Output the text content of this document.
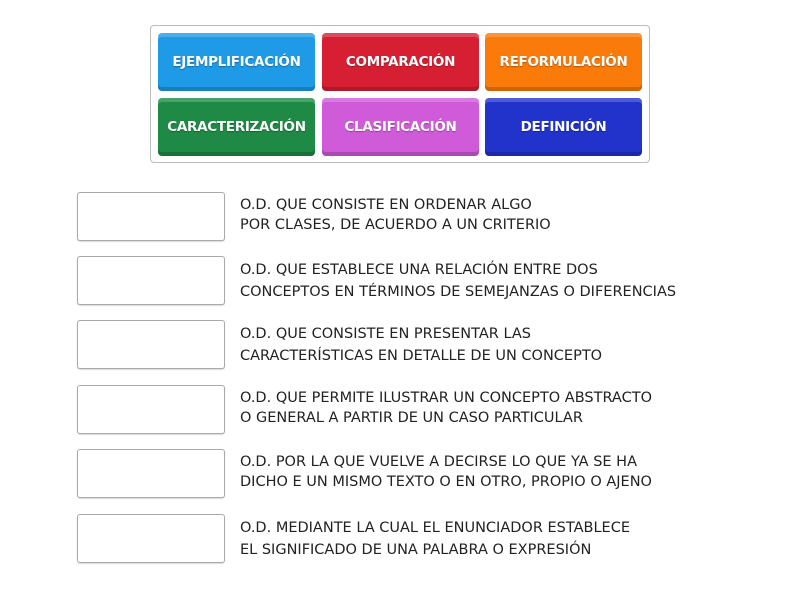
EJEMPLIFICACIÓN	COMPARACIÓN	REFORMULACIÓN
CARACTERIZACIÓN	CLASIFICACIÓN	DEFINICIÓN
O.D. QUE CONSISTE EN ORDENAR ALGO
POR CLASES, DE ACUERDO A UN CRITERIO
O.D. QUE ESTABLECE UNA RELACIÓN ENTRE DOS
CONCEPTOS EN TÉRMINOS DE SEMEJANZAS O DIFERENCIAS
O.D. QUE CONSISTE EN PRESENTAR LAS
CARACTERÍSTICAS EN DETALLE DE UN CONCEPTO
O.D. QUE PERMITE ILUSTRAR UN CONCEPTO ABSTRACTO
O GENERAL A PARTIR DE UN CASO PARTICULAR
O.D. POR LA QUE VUELVE A DECIRSE LO QUE YA SE HA
DICHO E UN MISMO TEXTO O EN OTRO, PROPIO O AJENO
O.D. MEDIANTE LA CUAL EL ENUNCIADOR ESTABLECE
EL SIGNIFICADO DE UNA PALABRA O EXPRESIÓN
